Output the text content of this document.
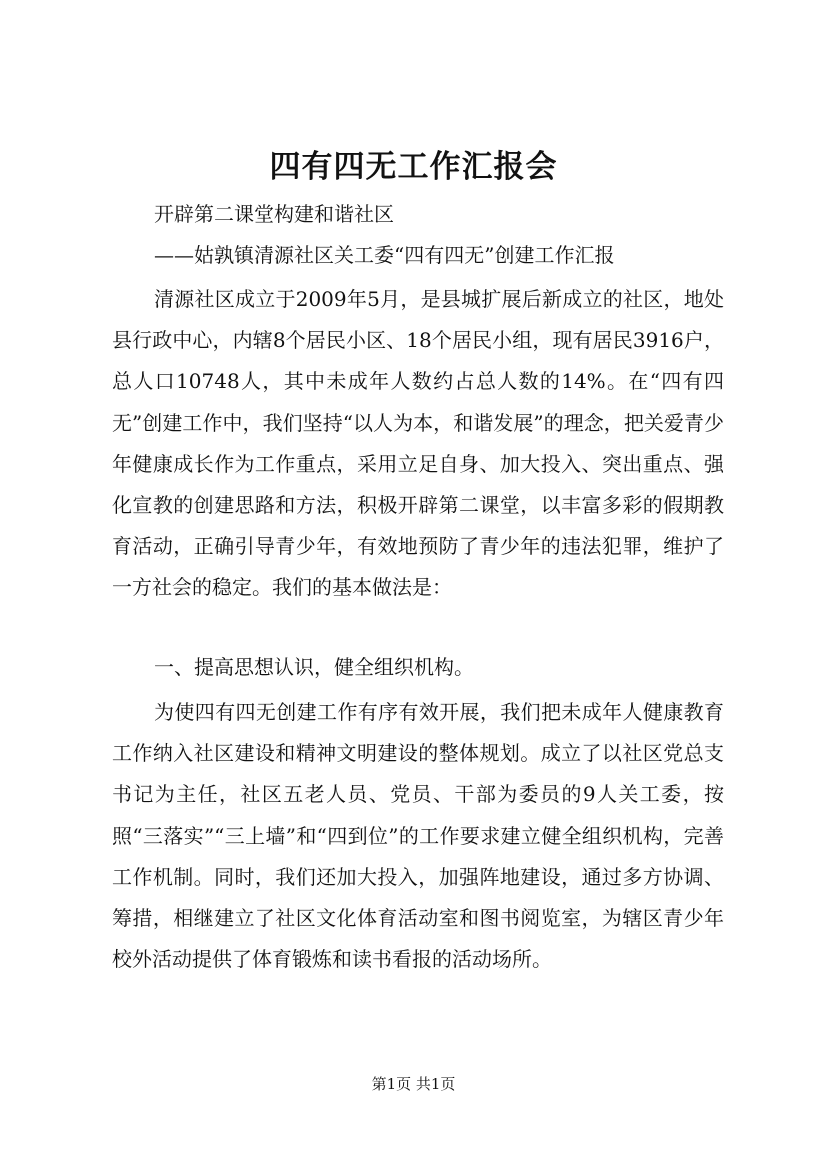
四有四无工作汇报会

开辟第二课堂构建和谐社区

——姑孰镇清源社区关工委“四有四无”创建工作汇报

清源社区成立于2009年5月，是县城扩展后新成立的社区，地处县行政中心，内辖8个居民小区、18个居民小组，现有居民3916户，总人口10748人，其中未成年人数约占总人数的14%。在“四有四无”创建工作中，我们坚持“以人为本，和谐发展”的理念，把关爱青少年健康成长作为工作重点，采用立足自身、加大投入、突出重点、强化宣教的创建思路和方法，积极开辟第二课堂，以丰富多彩的假期教育活动，正确引导青少年，有效地预防了青少年的违法犯罪，维护了一方社会的稳定。我们的基本做法是：

一、提高思想认识，健全组织机构。

为使四有四无创建工作有序有效开展，我们把未成年人健康教育工作纳入社区建设和精神文明建设的整体规划。成立了以社区党总支书记为主任，社区五老人员、党员、干部为委员的9人关工委，按照“三落实”“三上墙”和“四到位”的工作要求建立健全组织机构，完善工作机制。同时，我们还加大投入，加强阵地建设，通过多方协调、筹措，相继建立了社区文化体育活动室和图书阅览室，为辖区青少年校外活动提供了体育锻炼和读书看报的活动场所。

第1页 共1页
